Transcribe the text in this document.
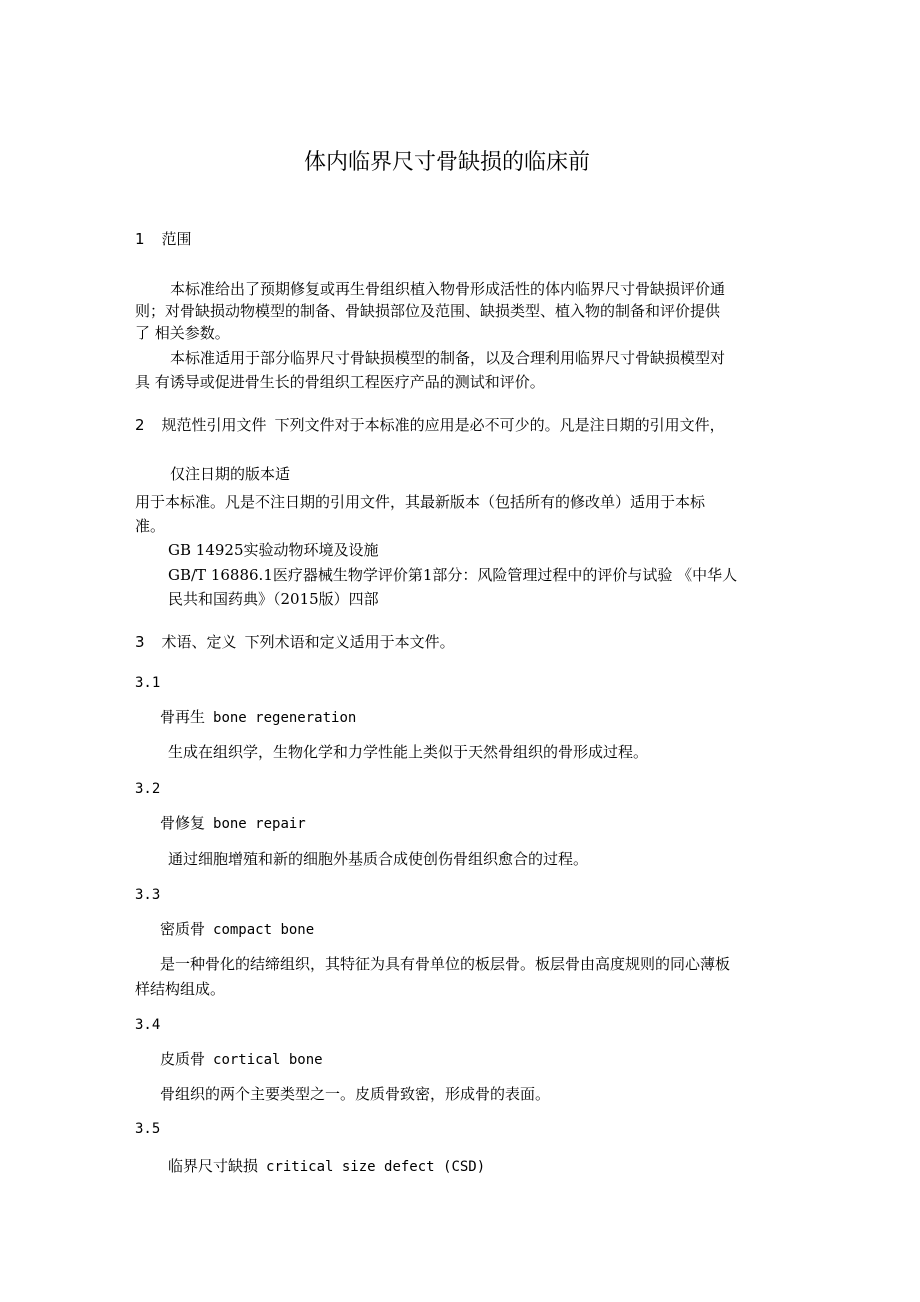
体内临界尺寸骨缺损的临床前
1 范围
本标准给出了预期修复或再生骨组织植入物骨形成活性的体内临界尺寸骨缺损评价通
则；对骨缺损动物模型的制备、骨缺损部位及范围、缺损类型、植入物的制备和评价提供
了 相关参数。
本标准适用于部分临界尺寸骨缺损模型的制备，以及合理利用临界尺寸骨缺损模型对
具 有诱导或促进骨生长的骨组织工程医疗产品的测试和评价。
2 规范性引用文件 下列文件对于本标准的应用是必不可少的。凡是注日期的引用文件，
仅注日期的版本适
用于本标准。凡是不注日期的引用文件，其最新版本（包括所有的修改单）适用于本标
准。
GB 14925实验动物环境及设施
GB/T 16886.1医疗器械生物学评价第1部分：风险管理过程中的评价与试验 《中华人
民共和国药典》（2015版）四部
3 术语、定义 下列术语和定义适用于本文件。
3.1
骨再生 bone regeneration
生成在组织学，生物化学和力学性能上类似于天然骨组织的骨形成过程。
3.2
骨修复 bone repair
通过细胞增殖和新的细胞外基质合成使创伤骨组织愈合的过程。
3.3
密质骨 compact bone
是一种骨化的结缔组织，其特征为具有骨单位的板层骨。板层骨由高度规则的同心薄板
样结构组成。
3.4
皮质骨 cortical bone
骨组织的两个主要类型之一。皮质骨致密，形成骨的表面。
3.5
临界尺寸缺损 critical size defect (CSD)
